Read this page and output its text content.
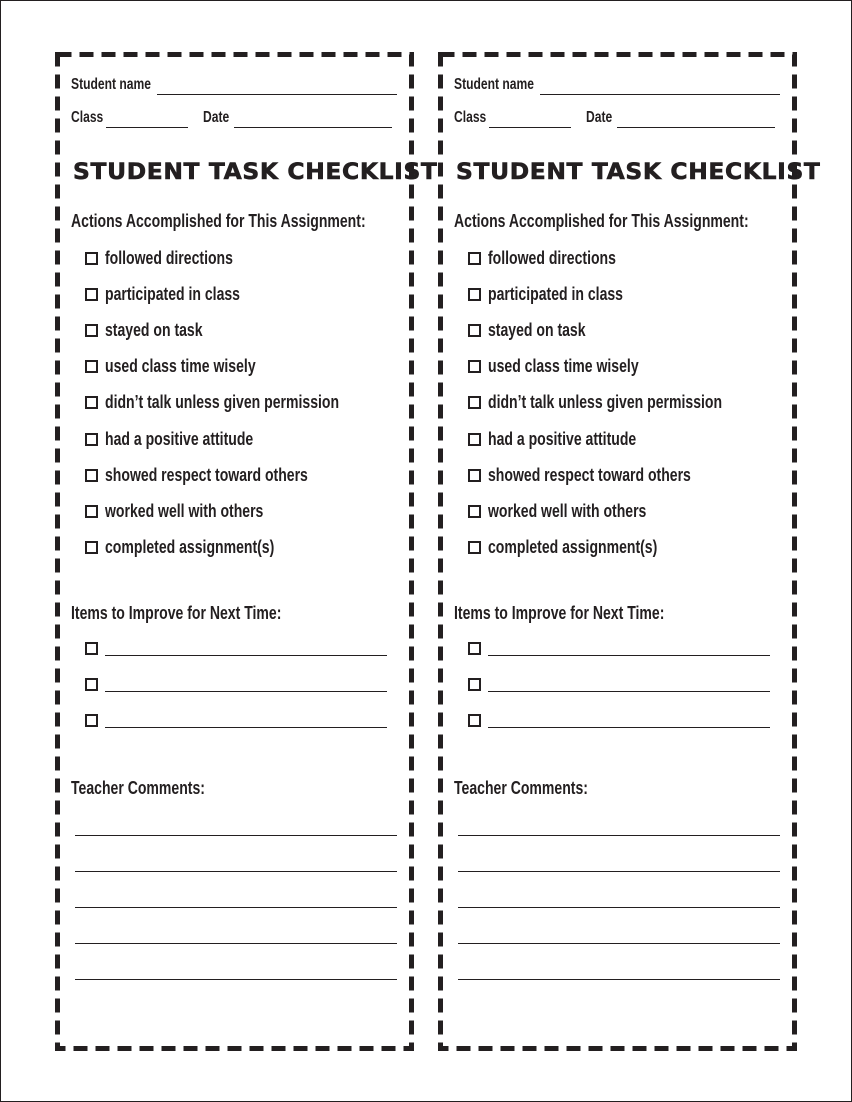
Student name
Class	Date
STUDENT TASK CHECKLIST
Actions Accomplished for This Assignment:
followed directions
participated in class
stayed on task
used class time wisely
didn’t talk unless given permission
had a positive attitude
showed respect toward others
worked well with others
completed assignment(s)
Items to Improve for Next Time:
Teacher Comments:
Student name
Class	Date
STUDENT TASK CHECKLIST
Actions Accomplished for This Assignment:
followed directions
participated in class
stayed on task
used class time wisely
didn’t talk unless given permission
had a positive attitude
showed respect toward others
worked well with others
completed assignment(s)
Items to Improve for Next Time:
Teacher Comments:
